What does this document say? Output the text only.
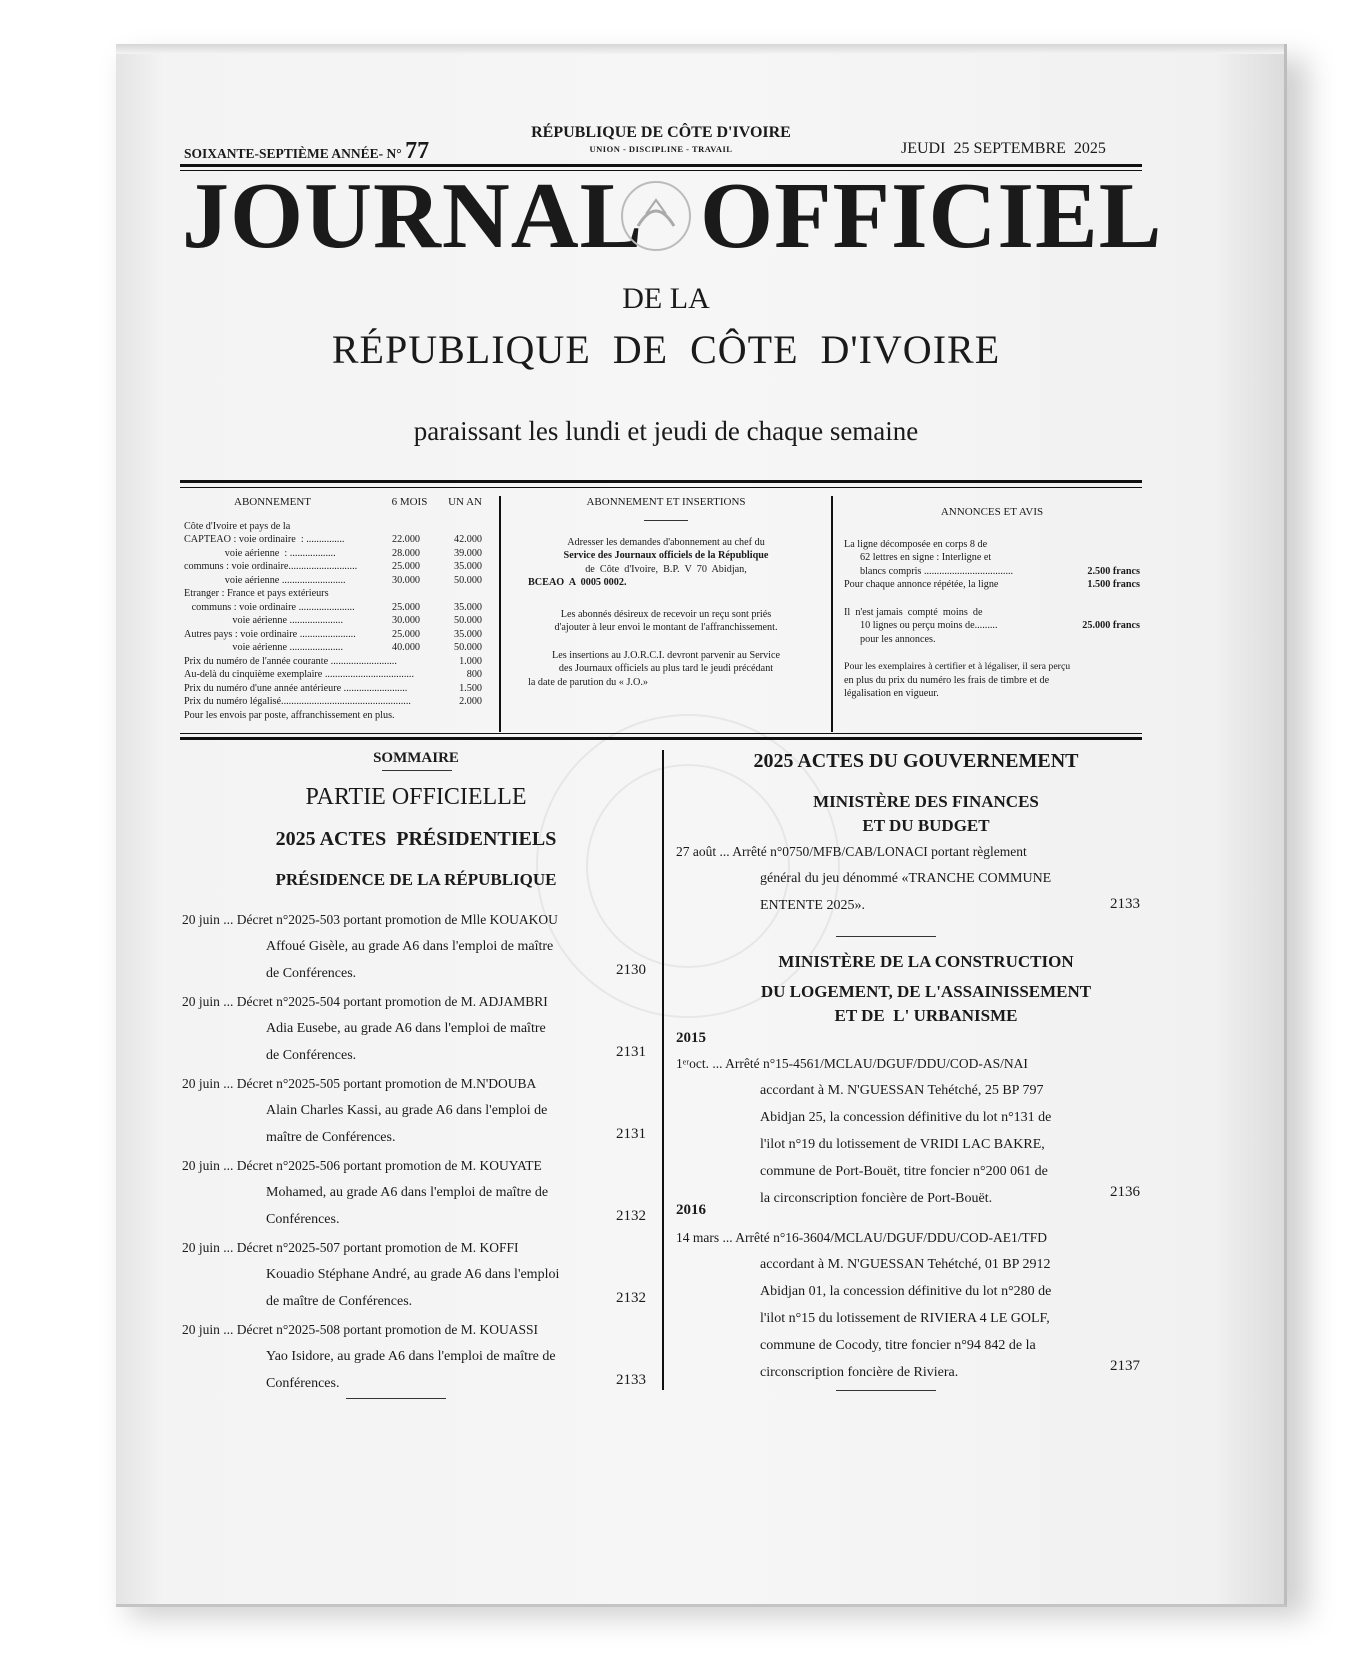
SOIXANTE-SEPTIÈME ANNÉE- N° 77
RÉPUBLIQUE DE CÔTE D'IVOIRE
UNION - DISCIPLINE - TRAVAIL	JEUDI  25 SEPTEMBRE  2025
JOURNAL OFFICIEL
DE LA
RÉPUBLIQUE  DE  CÔTE  D'IVOIRE
paraissant les lundi et jeudi de chaque semaine
ABONNEMENT	6 MOIS UN AN
Côte d'Ivoire et pays de la
CAPTEAO : voie ordinaire  : ...............	22.000	42.000
voie aérienne  : ..................	28.000	39.000
communs : voie ordinaire...........................	25.000	35.000
voie aérienne .........................	30.000	50.000
Etranger : France et pays extérieurs
communs : voie ordinaire ......................	25.000	35.000
voie aérienne .....................	30.000	50.000
Autres pays : voie ordinaire ......................	25.000	35.000
voie aérienne .....................	40.000	50.000
Prix du numéro de l'année courante ..........................	1.000
Au-delà du cinquième exemplaire ...................................	800
Prix du numéro d'une année antérieure .........................	1.500
Prix du numéro légalisé...................................................	2.000
Pour les envois par poste, affranchissement en plus.
ABONNEMENT ET INSERTIONS
Adresser les demandes d'abonnement au chef du
Service des Journaux officiels de la République
de  Côte  d'Ivoire,  B.P.  V  70  Abidjan,
BCEAO  A  0005 0002.
Les abonnés désireux de recevoir un reçu sont priés
d'ajouter à leur envoi le montant de l'affranchissement.
Les insertions au J.O.R.C.I. devront parvenir au Service
des Journaux officiels au plus tard le jeudi précédant
la date de parution du « J.O.»
ANNONCES ET AVIS
La ligne décomposée en corps 8 de
62 lettres en signe : Interligne et
blancs compris ...................................	2.500 francs
Pour chaque annonce répétée, la ligne	1.500 francs
Il  n'est jamais  compté  moins  de
10 lignes ou perçu moins de.........	25.000 francs
pour les annonces.
Pour les exemplaires à certifier et à légaliser, il sera perçu
en plus du prix du numéro les frais de timbre et de
légalisation en vigueur.
SOMMAIRE
PARTIE OFFICIELLE
2025 ACTES  PRÉSIDENTIELS
PRÉSIDENCE DE LA RÉPUBLIQUE
2025 ACTES DU GOUVERNEMENT
MINISTÈRE DES FINANCES
ET DU BUDGET
27 août ... Arrêté n°0750/MFB/CAB/LONACI portant règlement
général du jeu dénommé «TRANCHE COMMUNE
ENTENTE 2025».	2133
MINISTÈRE DE LA CONSTRUCTION
DU LOGEMENT, DE L'ASSAINISSEMENT
ET DE  L' URBANISME
2015
1ᵉʳoct. ... Arrêté n°15-4561/MCLAU/DGUF/DDU/COD-AS/NAI
accordant à M. N'GUESSAN Tehétché, 25 BP 797
Abidjan 25, la concession définitive du lot n°131 de
l'ilot n°19 du lotissement de VRIDI LAC BAKRE,
commune de Port-Bouët, titre foncier n°200 061 de
la circonscription foncière de Port-Bouët.	2136
2016
14 mars ... Arrêté n°16-3604/MCLAU/DGUF/DDU/COD-AE1/TFD
accordant à M. N'GUESSAN Tehétché, 01 BP 2912
Abidjan 01, la concession définitive du lot n°280 de
l'ilot n°15 du lotissement de RIVIERA 4 LE GOLF,
commune de Cocody, titre foncier n°94 842 de la
circonscription foncière de Riviera.	2137
20 juin ... Décret n°2025-503 portant promotion de Mlle KOUAKOU
Affoué Gisèle, au grade A6 dans l'emploi de maître
de Conférences.	2130
20 juin ... Décret n°2025-504 portant promotion de M. ADJAMBRI
Adia Eusebe, au grade A6 dans l'emploi de maître
de Conférences.	2131
20 juin ... Décret n°2025-505 portant promotion de M.N'DOUBA
Alain Charles Kassi, au grade A6 dans l'emploi de
maître de Conférences.	2131
20 juin ... Décret n°2025-506 portant promotion de M. KOUYATE
Mohamed, au grade A6 dans l'emploi de maître de
Conférences.	2132
20 juin ... Décret n°2025-507 portant promotion de M. KOFFI
Kouadio Stéphane André, au grade A6 dans l'emploi
de maître de Conférences.	2132
20 juin ... Décret n°2025-508 portant promotion de M. KOUASSI
Yao Isidore, au grade A6 dans l'emploi de maître de
Conférences.	2133
